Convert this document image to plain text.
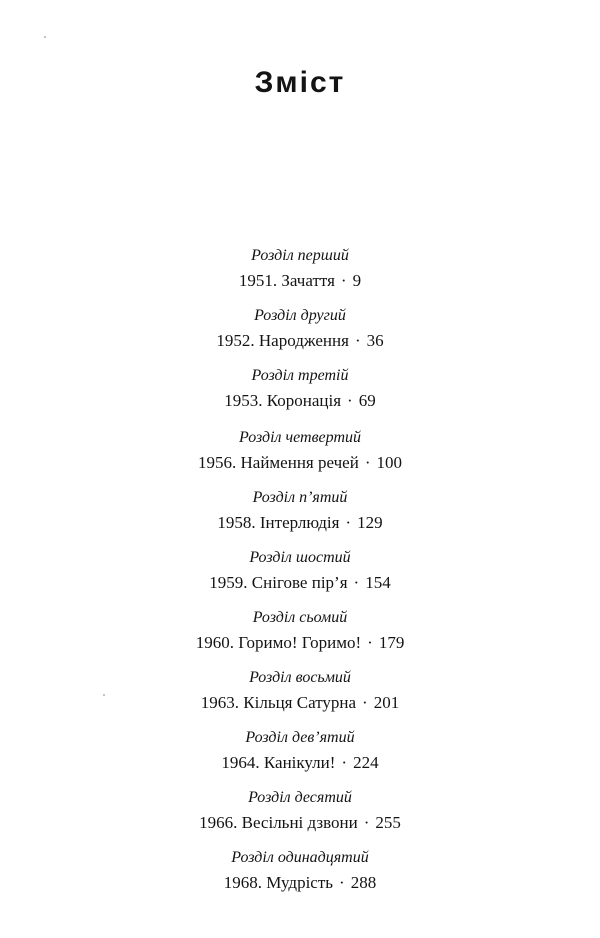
Зміст
Розділ перший
1951. Зачаття · 9
Розділ другий
1952. Народження · 36
Розділ третій
1953. Коронація · 69
Розділ четвертий
1956. Наймення речей · 100
Розділ п’ятий
1958. Інтерлюдія · 129
Розділ шостий
1959. Снігове пір’я · 154
Розділ сьомий
1960. Горимо! Горимо! · 179
Розділ восьмий
1963. Кільця Сатурна · 201
Розділ дев’ятий
1964. Канікули! · 224
Розділ десятий
1966. Весільні дзвони · 255
Розділ одинадцятий
1968. Мудрість · 288
